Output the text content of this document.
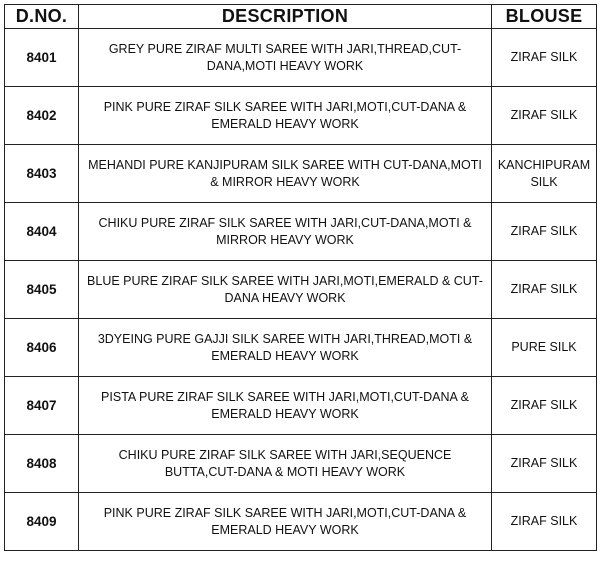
D.NO.	DESCRIPTION	BLOUSE
8401	GREY PURE ZIRAF MULTI SAREE WITH JARI,THREAD,CUT-DANA,MOTI HEAVY WORK	ZIRAF SILK
8402	PINK PURE ZIRAF SILK SAREE WITH JARI,MOTI,CUT-DANA & EMERALD HEAVY WORK	ZIRAF SILK
8403	MEHANDI PURE KANJIPURAM SILK SAREE WITH CUT-DANA,MOTI & MIRROR HEAVY WORK	KANCHIPURAM SILK
8404	CHIKU PURE ZIRAF SILK SAREE WITH JARI,CUT-DANA,MOTI & MIRROR HEAVY WORK	ZIRAF SILK
8405	BLUE PURE ZIRAF SILK SAREE WITH JARI,MOTI,EMERALD & CUT-DANA HEAVY WORK	ZIRAF SILK
8406	3DYEING PURE GAJJI SILK SAREE WITH JARI,THREAD,MOTI & EMERALD HEAVY WORK	PURE SILK
8407	PISTA PURE ZIRAF SILK SAREE WITH JARI,MOTI,CUT-DANA & EMERALD HEAVY WORK	ZIRAF SILK
8408	CHIKU PURE ZIRAF SILK SAREE WITH JARI,SEQUENCE BUTTA,CUT-DANA & MOTI HEAVY WORK	ZIRAF SILK
8409	PINK PURE ZIRAF SILK SAREE WITH JARI,MOTI,CUT-DANA & EMERALD HEAVY WORK	ZIRAF SILK
